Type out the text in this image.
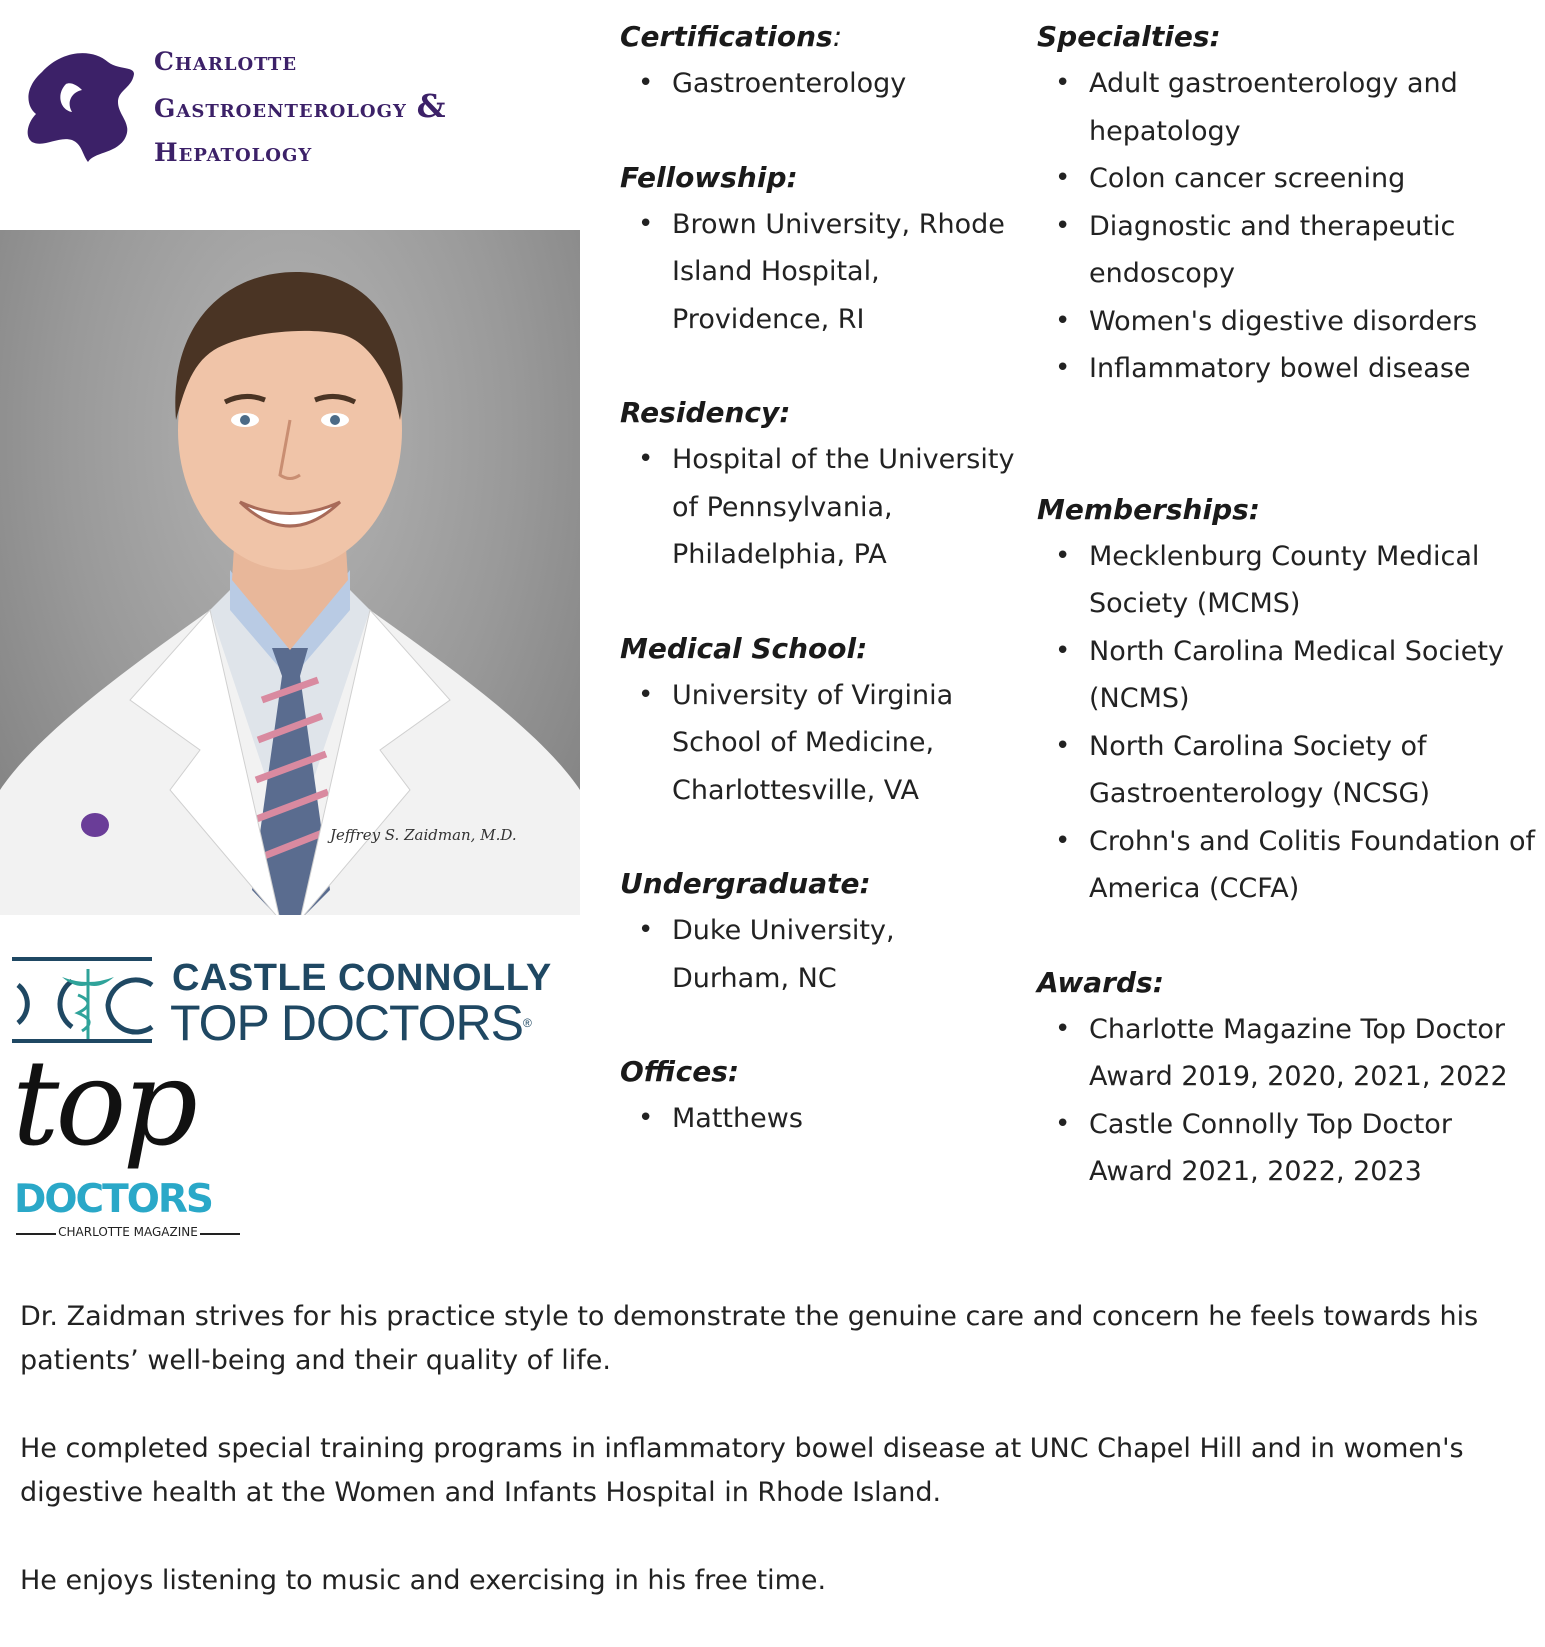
Charlotte
Gastroenterology &
Hepatology
Jeffrey S. Zaidman, M.D.
CASTLE CONNOLLY
TOP DOCTORS®
top
DOCTORS
CHARLOTTE MAGAZINE
Certifications:
• Gastroenterology
Fellowship:
• Brown University, Rhode Island Hospital, Providence, RI
Residency:
• Hospital of the University of Pennsylvania, Philadelphia, PA
Medical School:
• University of Virginia School of Medicine, Charlottesville, VA
Undergraduate:
• Duke University, Durham, NC
Offices:
• Matthews
Specialties:
• Adult gastroenterology and hepatology
• Colon cancer screening
• Diagnostic and therapeutic endoscopy
• Women's digestive disorders
• Inflammatory bowel disease
Memberships:
• Mecklenburg County Medical Society (MCMS)
• North Carolina Medical Society (NCMS)
• North Carolina Society of Gastroenterology (NCSG)
• Crohn's and Colitis Foundation of America (CCFA)
Awards:
• Charlotte Magazine Top Doctor Award 2019, 2020, 2021, 2022
• Castle Connolly Top Doctor Award 2021, 2022, 2023

Dr. Zaidman strives for his practice style to demonstrate the genuine care and concern he feels towards his patients’ well-being and their quality of life.

He completed special training programs in inflammatory bowel disease at UNC Chapel Hill and in women's digestive health at the Women and Infants Hospital in Rhode Island.

He enjoys listening to music and exercising in his free time.
